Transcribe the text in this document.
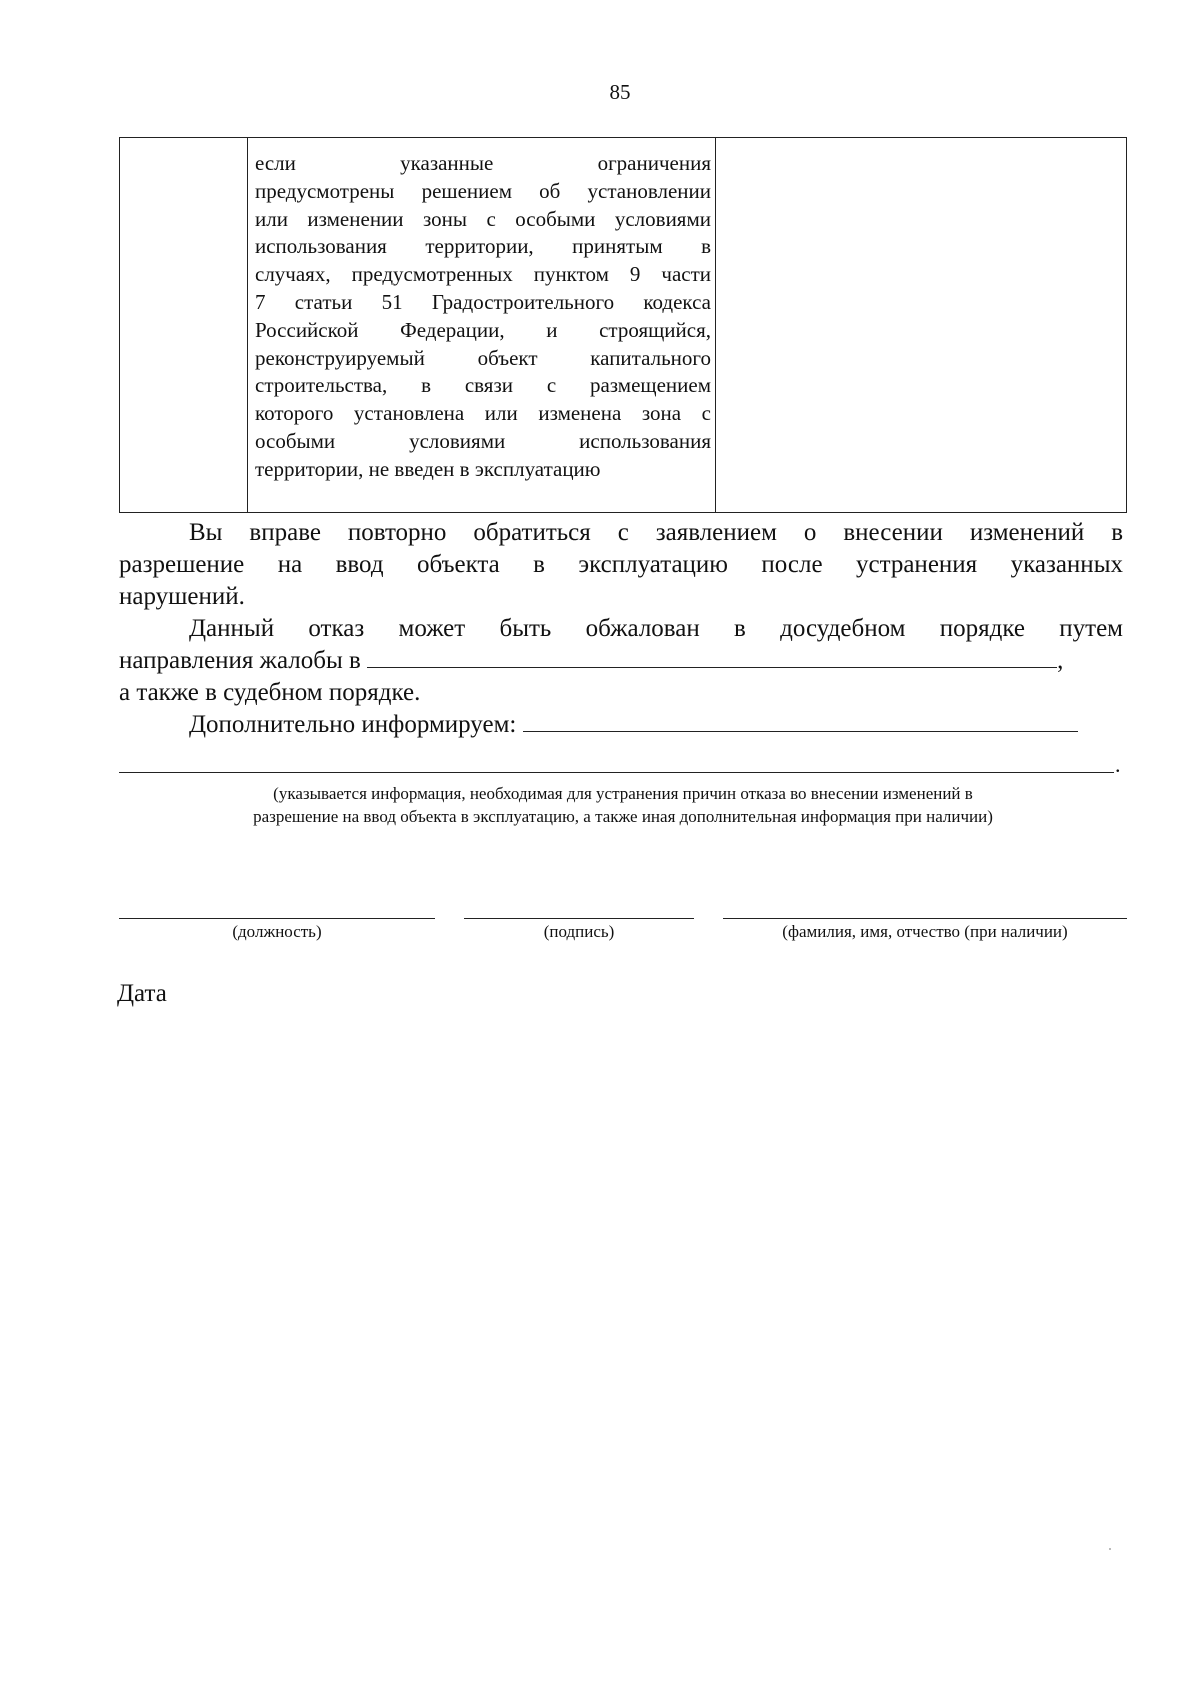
85
если указанные ограничения
предусмотрены решением об установлении
или изменении зоны с особыми условиями
использования территории, принятым в
случаях, предусмотренных пунктом 9 части
7 статьи 51 Градостроительного кодекса
Российской Федерации, и строящийся,
реконструируемый объект капитального
строительства, в связи с размещением
которого установлена или изменена зона с
особыми условиями использования
территории, не введен в эксплуатацию
Вы вправе повторно обратиться с заявлением о внесении изменений в
разрешение на ввод объекта в эксплуатацию после устранения указанных
нарушений.
Данный отказ может быть обжалован в досудебном порядке путем
направления жалобы в	,
а также в судебном порядке.
Дополнительно информируем:
.
(указывается информация, необходимая для устранения причин отказа во внесении изменений в
разрешение на ввод объекта в эксплуатацию, а также иная дополнительная информация при наличии)
(должность)	(подпись)	(фамилия, имя, отчество (при наличии)
Дата
